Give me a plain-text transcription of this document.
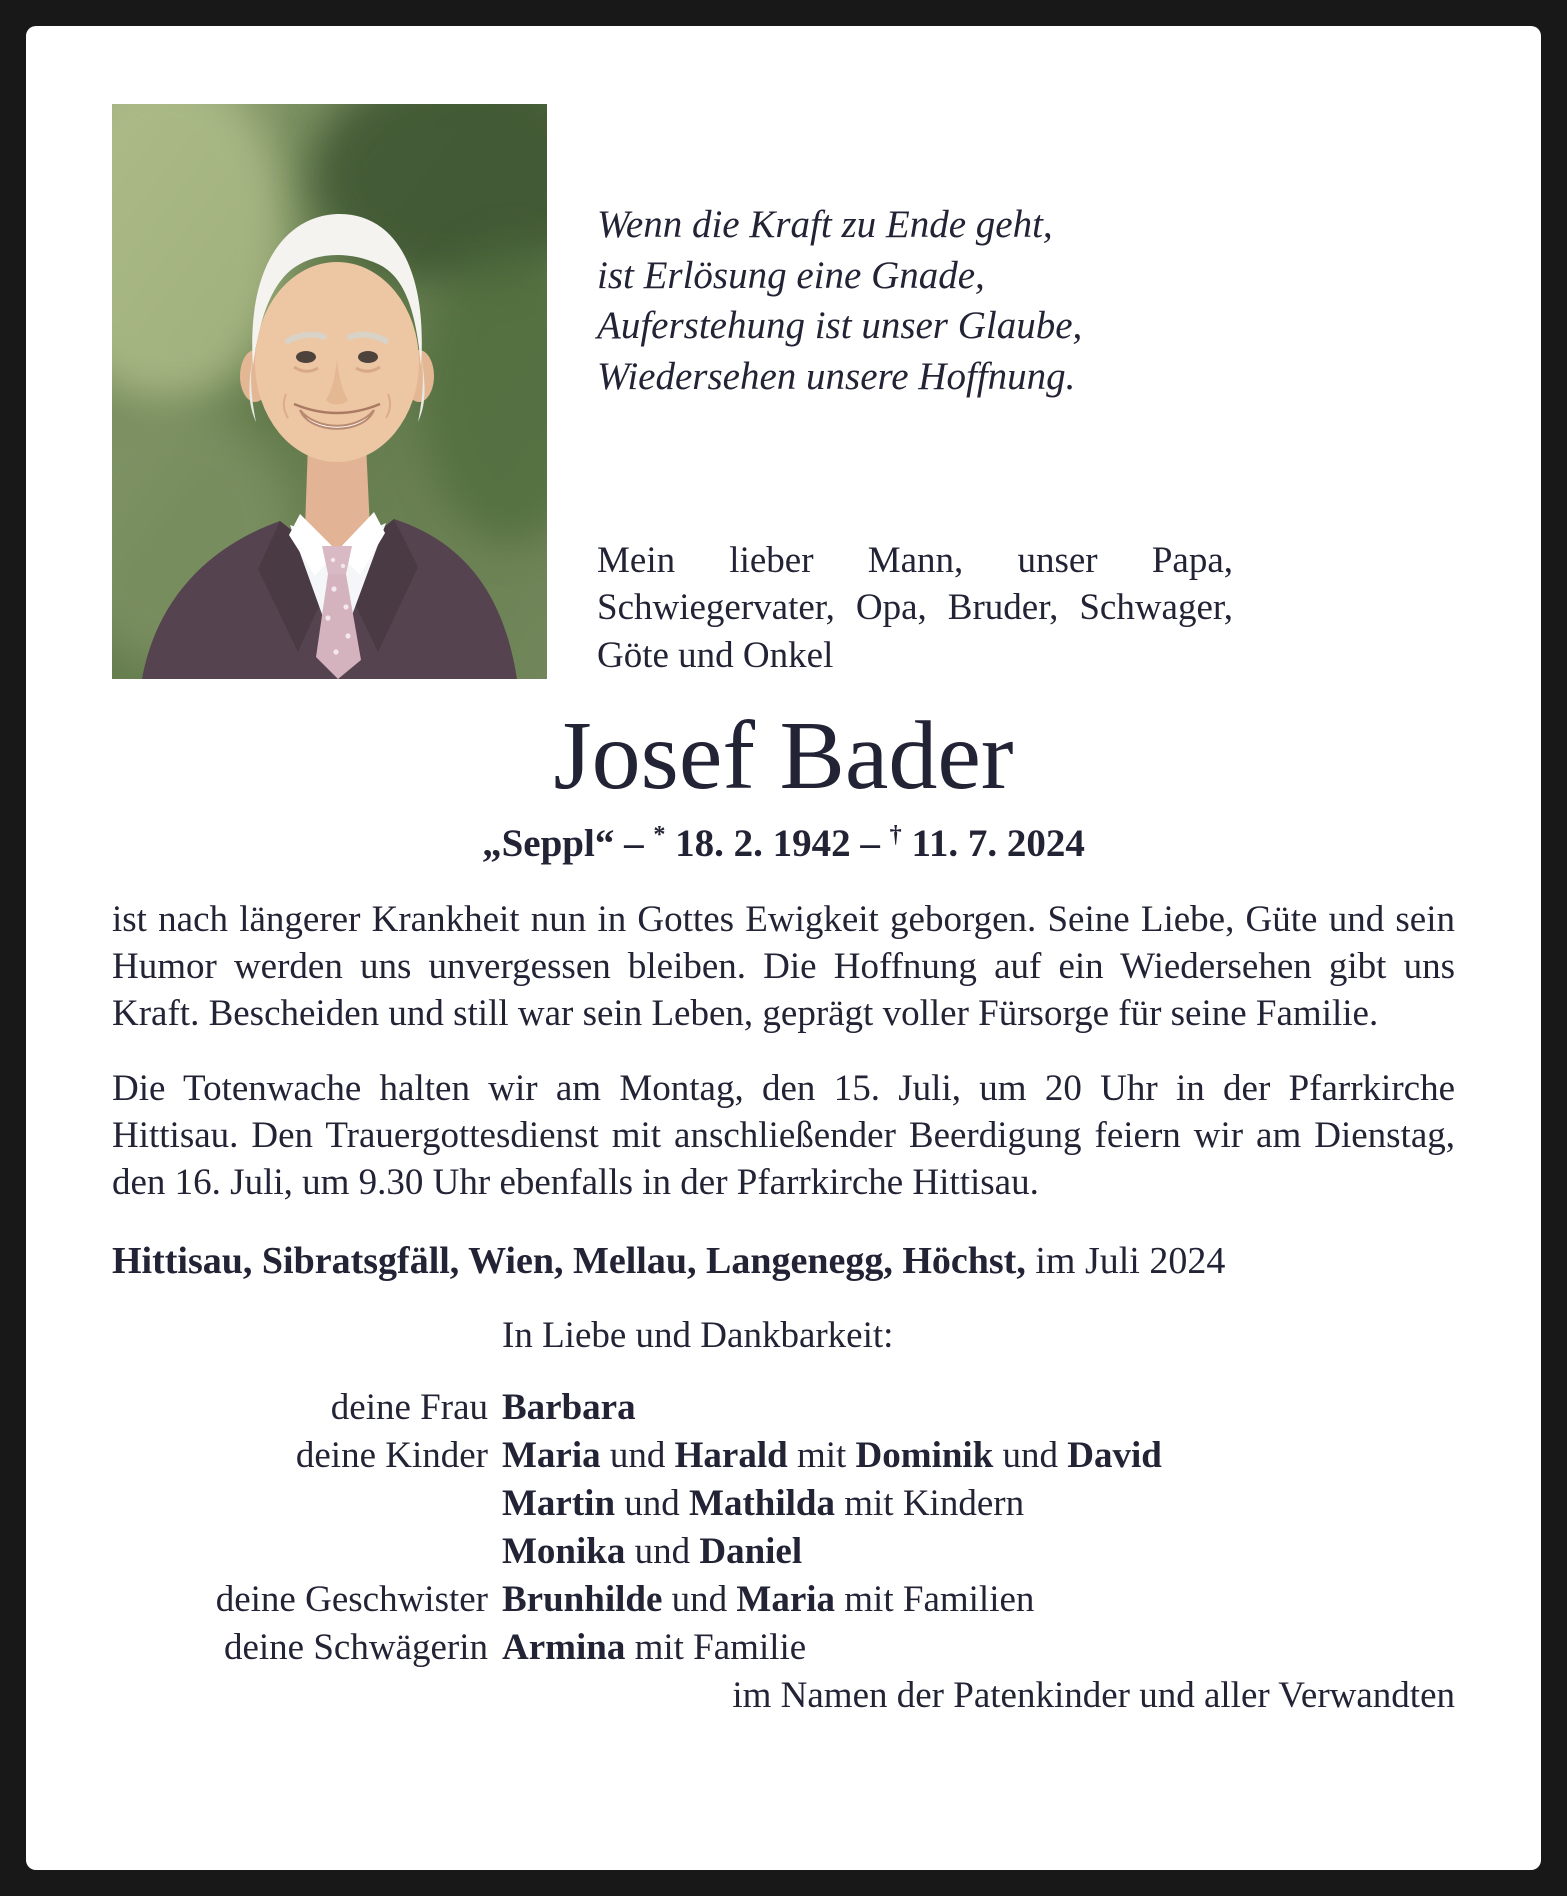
Wenn die Kraft zu Ende geht,
ist Erlösung eine Gnade,
Auferstehung ist unser Glaube,
Wiedersehen unsere Hoffnung.
Mein lieber Mann, unser Papa, Schwiegervater, Opa, Bruder, Schwager, Göte und Onkel
Josef Bader
„Seppl“ – * 18. 2. 1942 – † 11. 7. 2024

ist nach längerer Krankheit nun in Gottes Ewigkeit geborgen. Seine Liebe, Güte und sein Humor werden uns unvergessen bleiben. Die Hoffnung auf ein Wiedersehen gibt uns Kraft. Bescheiden und still war sein Leben, geprägt voller Fürsorge für seine Familie.

Die Totenwache halten wir am Montag, den 15. Juli, um 20 Uhr in der Pfarrkirche Hittisau. Den Trauergottesdienst mit anschließender Beerdigung feiern wir am Dienstag, den 16. Juli, um 9.30 Uhr ebenfalls in der Pfarrkirche Hittisau.

Hittisau, Sibratsgfäll, Wien, Mellau, Langenegg, Höchst, im Juli 2024
In Liebe und Dankbarkeit:
deine Frau Barbara
deine Kinder Maria und Harald mit Dominik und David
Martin und Mathilda mit Kindern
Monika und Daniel
deine Geschwister Brunhilde und Maria mit Familien
deine Schwägerin Armina mit Familie
im Namen der Patenkinder und aller Verwandten
